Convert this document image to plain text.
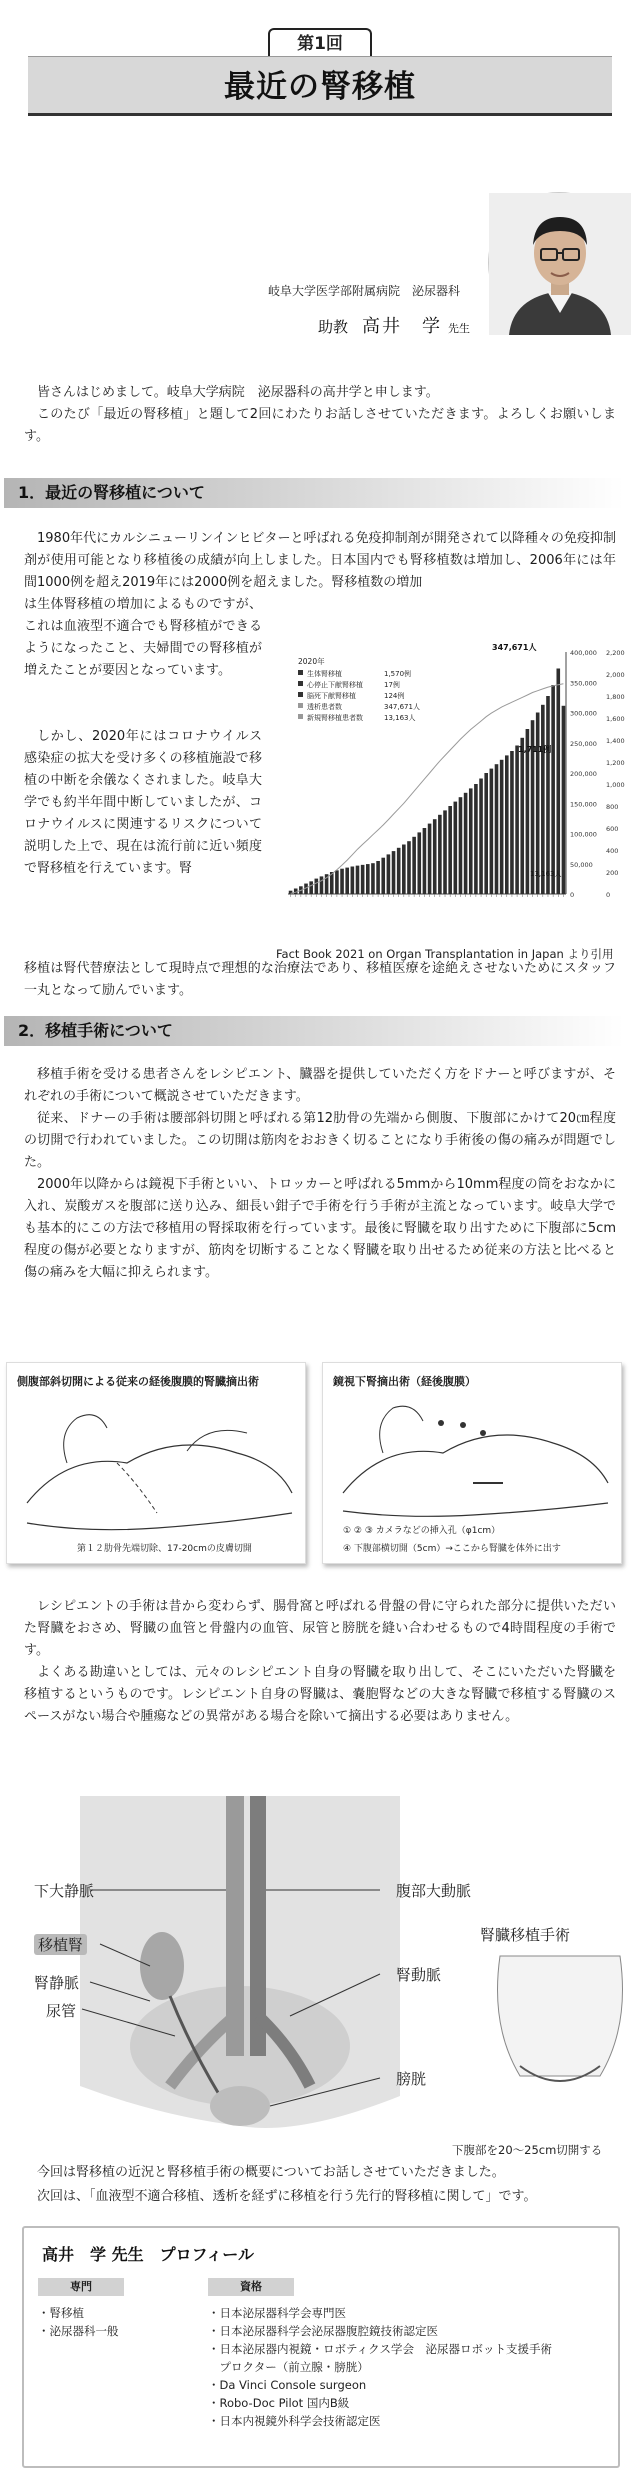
第1回
最近の腎移植
岐阜大学医学部附属病院　泌尿器科
助教 高井　学 先生

皆さんはじめまして。岐阜大学病院　泌尿器科の高井学と申します。

このたび「最近の腎移植」と題して2回にわたりお話しさせていただきます。よろしくお願いします。

1．最近の腎移植について

1980年代にカルシニューリンインヒビターと呼ばれる免疫抑制剤が開発されて以降種々の免疫抑制剤が使用可能となり移植後の成績が向上しました。日本国内でも腎移植数は増加し、2006年には年間1000例を超え2019年には2000例を超えました。腎移植数の増加

は生体腎移植の増加によるものですが、これは血液型不適合でも腎移植ができるようになったこと、夫婦間での腎移植が増えたことが要因となっています。

しかし、2020年にはコロナウイルス感染症の拡大を受け多くの移植施設で移植の中断を余儀なくされました。岐阜大学でも約半年間中断していましたが、コロナウイルスに関連するリスクについて説明した上で、現在は流行前に近い頻度で腎移植を行えています。腎

移植は腎代替療法として現時点で理想的な治療法であり、移植医療を途絶えさせないためにスタッフ一丸となって励んでいます。

400,000
350,000
300,000
250,000
200,000
150,000
100,000
50,000
0
2,200
2,000
1,800
1,600
1,400
1,200
1,000
800
600
400
200
0
2020年
生体腎移植	1,570例
心停止下献腎移植	17例
脳死下献腎移植	124例
透析患者数	347,671人
新規腎移植患者数	13,163人
347,671人
1,711例
13,163人
Fact Book 2021 on Organ Transplantation in Japan より引用
2．移植手術について

移植手術を受ける患者さんをレシピエント、臓器を提供していただく方をドナーと呼びますが、それぞれの手術について概説させていただきます。

従来、ドナーの手術は腰部斜切開と呼ばれる第12肋骨の先端から側腹、下腹部にかけて20㎝程度の切開で行われていました。この切開は筋肉をおおきく切ることになり手術後の傷の痛みが問題でした。

2000年以降からは鏡視下手術といい、トロッカーと呼ばれる5mmから10mm程度の筒をおなかに入れ、炭酸ガスを腹部に送り込み、細長い鉗子で手術を行う手術が主流となっています。岐阜大学でも基本的にこの方法で移植用の腎採取術を行っています。最後に腎臓を取り出すために下腹部に5cm程度の傷が必要となりますが、筋肉を切断することなく腎臓を取り出せるため従来の方法と比べると傷の痛みを大幅に抑えられます。

側腹部斜切開による従来の経後腹膜的腎臓摘出術
第１２肋骨先端切除、17-20cmの皮膚切開
鏡視下腎摘出術（経後腹膜）
① ② ③ カメラなどの挿入孔（φ1cm）
④ 下腹部横切開（5cm）→ここから腎臓を体外に出す

レシピエントの手術は昔から変わらず、腸骨窩と呼ばれる骨盤の骨に守られた部分に提供いただいた腎臓をおさめ、腎臓の血管と骨盤内の血管、尿管と膀胱を縫い合わせるもので4時間程度の手術です。

よくある勘違いとしては、元々のレシピエント自身の腎臓を取り出して、そこにいただいた腎臓を移植するというものです。レシピエント自身の腎臓は、嚢胞腎などの大きな腎臓で移植する腎臓のスペースがない場合や腫瘍などの異常がある場合を除いて摘出する必要はありません。

下大静脈
移植腎
腎静脈
尿管
腹部大動脈
腎動脈
膀胱
腎臓移植手術
下腹部を20～25cm切開する

今回は腎移植の近況と腎移植手術の概要についてお話しさせていただきました。

次回は、「血液型不適合移植、透析を経ずに移植を行う先行的腎移植に関して」です。

高井　学 先生　プロフィール
専門
・腎移植
・泌尿器科一般
資格
・日本泌尿器科学会専門医
・日本泌尿器科学会泌尿器腹腔鏡技術認定医
・日本泌尿器内視鏡・ロボティクス学会　泌尿器ロボット支援手術
　プロクター（前立腺・膀胱）
・Da Vinci Console surgeon
・Robo-Doc Pilot 国内B級
・日本内視鏡外科学会技術認定医
